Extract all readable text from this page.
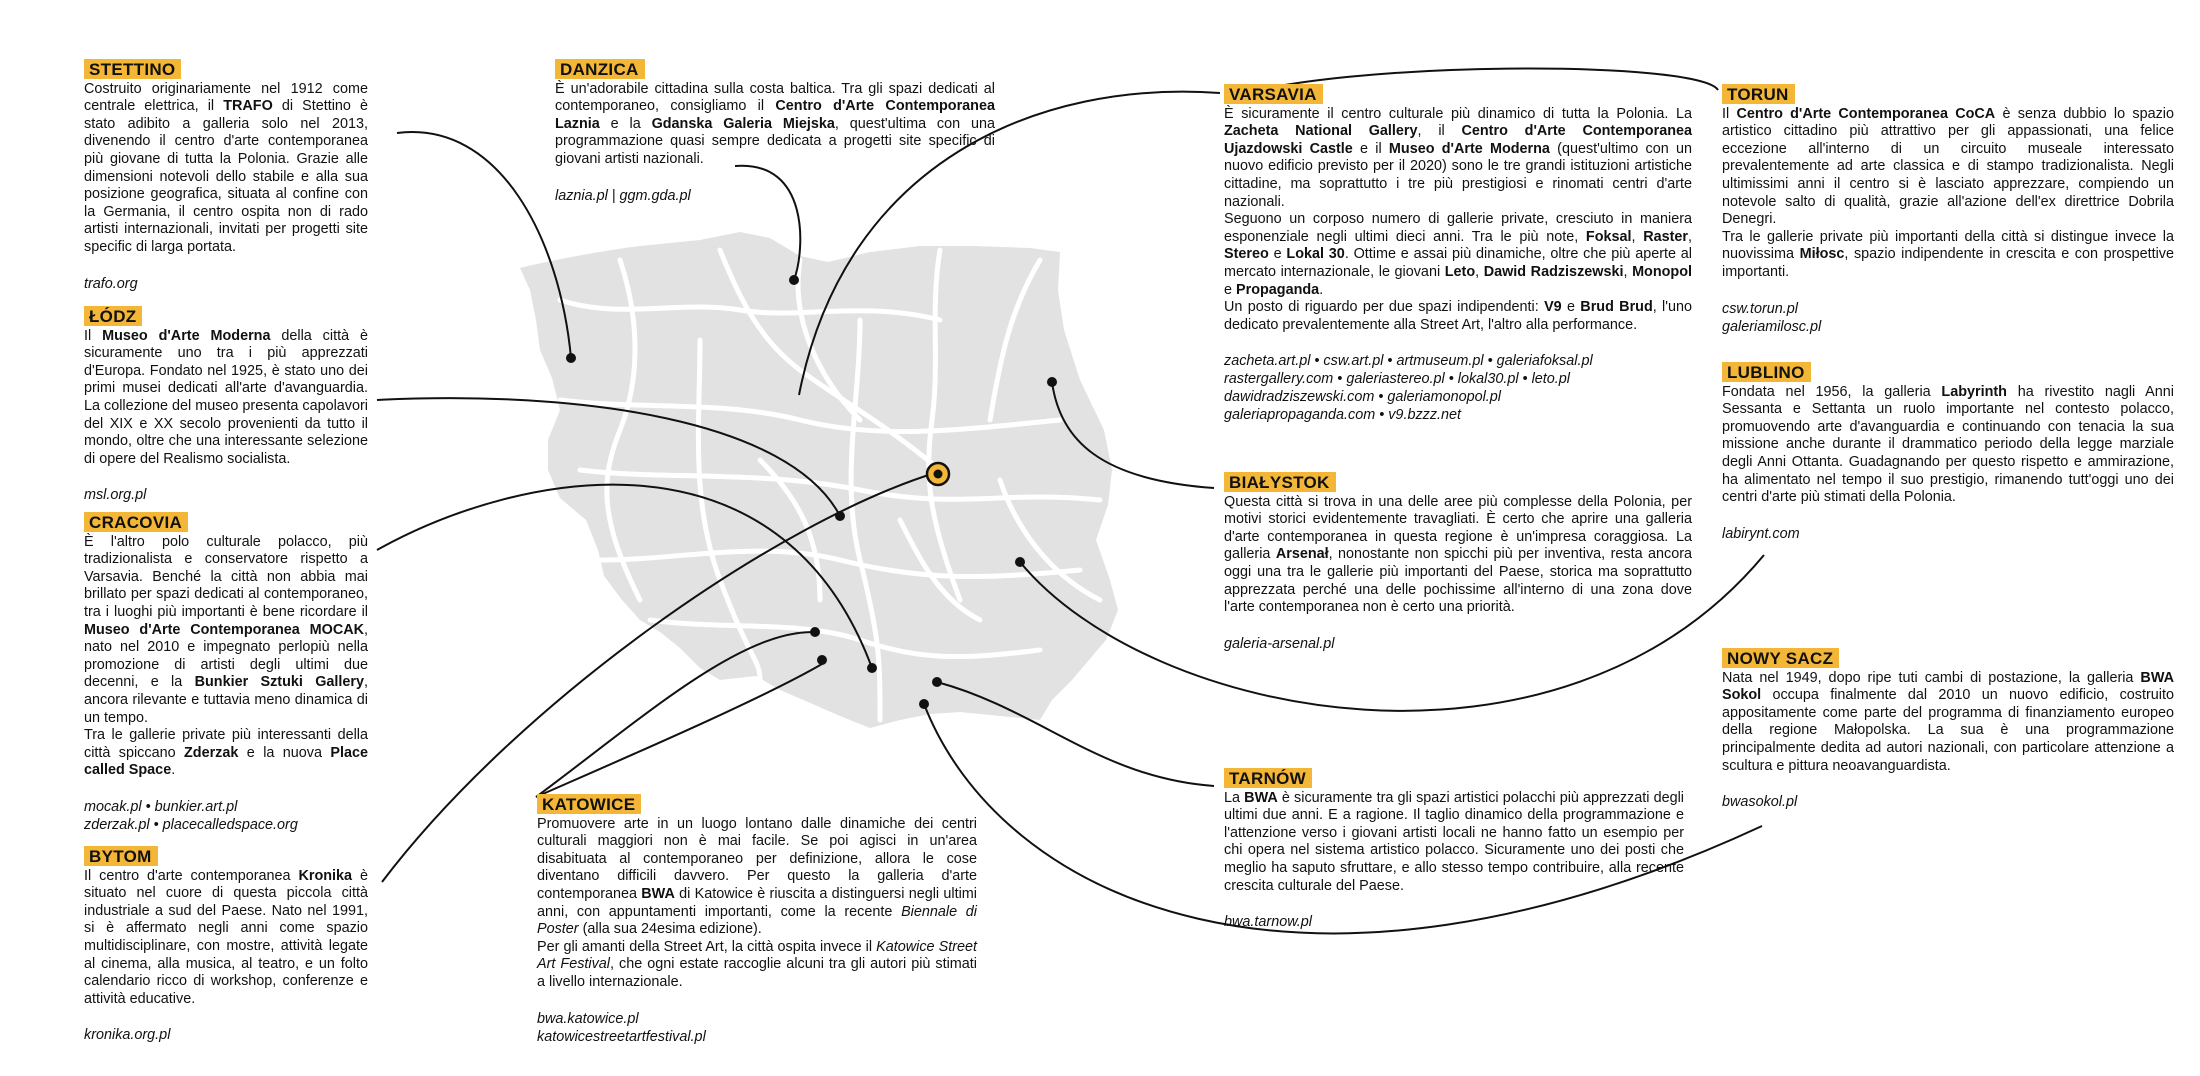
STETTINO

Costruito originariamente nel 1912 come centrale elettrica, il TRAFO di Stettino è stato adibito a galleria solo nel 2013, divenendo il centro d'arte contemporanea più giovane di tutta la Polonia. Grazie alle dimensioni notevoli dello stabile e alla sua posizione geografica, situata al confine con la Germania, il centro ospita non di rado artisti internazionali, invitati per progetti site specific di larga portata.

trafo.org
ŁÓDZ

Il Museo d'Arte Moderna della città è sicuramente uno tra i più apprezzati d'Europa. Fondato nel 1925, è stato uno dei primi musei dedicati all'arte d'avanguardia. La collezione del museo presenta capolavori del XIX e XX secolo provenienti da tutto il mondo, oltre che una interessante selezione di opere del Realismo socialista.

msl.org.pl
CRACOVIA

È l'altro polo culturale polacco, più tradizionalista e conservatore rispetto a Varsavia. Benché la città non abbia mai brillato per spazi dedicati al contemporaneo, tra i luoghi più importanti è bene ricordare il Museo d'Arte Contemporanea MOCAK, nato nel 2010 e impegnato perlopiù nella promozione di artisti degli ultimi due decenni, e la Bunkier Sztuki Gallery, ancora rilevante e tuttavia meno dinamica di un tempo.
Tra le gallerie private più interessanti della città spiccano Zderzak e la nuova Place called Space.

mocak.pl • bunkier.art.pl
zderzak.pl • placecalledspace.org
BYTOM

Il centro d'arte contemporanea Kronika è situato nel cuore di questa piccola città industriale a sud del Paese. Nato nel 1991, si è affermato negli anni come spazio multidisciplinare, con mostre, attività legate al cinema, alla musica, al teatro, e un folto calendario ricco di workshop, conferenze e attività educative.

kronika.org.pl
DANZICA

È un'adorabile cittadina sulla costa baltica. Tra gli spazi dedicati al contemporaneo, consigliamo il Centro d'Arte Contemporanea Laznia e la Gdanska Galeria Miejska, quest'ultima con una programmazione quasi sempre dedicata a progetti site specific di giovani artisti nazionali.

laznia.pl | ggm.gda.pl
KATOWICE

Promuovere arte in un luogo lontano dalle dinamiche dei centri culturali maggiori non è mai facile. Se poi agisci in un'area disabituata al contemporaneo per definizione, allora le cose diventano difficili davvero. Per questo la galleria d'arte contemporanea BWA di Katowice è riuscita a distinguersi negli ultimi anni, con appuntamenti importanti, come la recente Biennale di Poster (alla sua 24esima edizione).
Per gli amanti della Street Art, la città ospita invece il Katowice Street Art Festival, che ogni estate raccoglie alcuni tra gli autori più stimati a livello internazionale.

bwa.katowice.pl
katowicestreetartfestival.pl
VARSAVIA

È sicuramente il centro culturale più dinamico di tutta la Polonia. La Zacheta National Gallery, il Centro d'Arte Contemporanea Ujazdowski Castle e il Museo d'Arte Moderna (quest'ultimo con un nuovo edificio previsto per il 2020) sono le tre grandi istituzioni artistiche cittadine, ma soprattutto i tre più prestigiosi e rinomati centri d'arte nazionali.
Seguono un corposo numero di gallerie private, cresciuto in maniera esponenziale negli ultimi dieci anni. Tra le più note, Foksal, Raster, Stereo e Lokal 30. Ottime e assai più dinamiche, oltre che più aperte al mercato internazionale, le giovani Leto, Dawid Radziszewski, Monopol e Propaganda.
Un posto di riguardo per due spazi indipendenti: V9 e Brud Brud, l'uno dedicato prevalentemente alla Street Art, l'altro alla performance.

zacheta.art.pl • csw.art.pl • artmuseum.pl • galeriafoksal.pl
rastergallery.com • galeriastereo.pl • lokal30.pl • leto.pl
dawidradziszewski.com • galeriamonopol.pl
galeriapropaganda.com • v9.bzzz.net
BIAŁYSTOK

Questa città si trova in una delle aree più complesse della Polonia, per motivi storici evidentemente travagliati. È certo che aprire una galleria d'arte contemporanea in questa regione è un'impresa coraggiosa. La galleria Arsenał, nonostante non spicchi più per inventiva, resta ancora oggi una tra le gallerie più importanti del Paese, storica ma soprattutto apprezzata perché una delle pochissime all'interno di una zona dove l'arte contemporanea non è certo una priorità.

galeria-arsenal.pl
TARNÓW

La BWA è sicuramente tra gli spazi artistici polacchi più apprezzati degli ultimi due anni. E a ragione. Il taglio dinamico della programmazione e l'attenzione verso i giovani artisti locali ne hanno fatto un esempio per chi opera nel sistema artistico polacco. Sicuramente uno dei posti che meglio ha saputo sfruttare, e allo stesso tempo contribuire, alla recente crescita culturale del Paese.

bwa.tarnow.pl
TORUN

Il Centro d'Arte Contemporanea CoCA è senza dubbio lo spazio artistico cittadino più attrattivo per gli appassionati, una felice eccezione all'interno di un circuito museale interessato prevalentemente ad arte classica e di stampo tradizionalista. Negli ultimissimi anni il centro si è lasciato apprezzare, compiendo un notevole salto di qualità, grazie all'azione dell'ex direttrice Dobrila Denegri.
Tra le gallerie private più importanti della città si distingue invece la nuovissima Miłosc, spazio indipendente in crescita e con prospettive importanti.

csw.torun.pl
galeriamilosc.pl
LUBLINO

Fondata nel 1956, la galleria Labyrinth ha rivestito nagli Anni Sessanta e Settanta un ruolo importante nel contesto polacco, promuovendo arte d'avanguardia e continuando con tenacia la sua missione anche durante il drammatico periodo della legge marziale degli Anni Ottanta. Guadagnando per questo rispetto e ammirazione, ha alimentato nel tempo il suo prestigio, rimanendo tutt'oggi uno dei centri d'arte più stimati della Polonia.

labirynt.com
NOWY SACZ

Nata nel 1949, dopo ripe tuti cambi di postazione, la galleria BWA Sokol occupa finalmente dal 2010 un nuovo edificio, costruito appositamente come parte del programma di finanziamento europeo della regione Małopolska. La sua è una programmazione principalmente dedita ad autori nazionali, con particolare attenzione a scultura e pittura neoavanguardista.

bwasokol.pl
